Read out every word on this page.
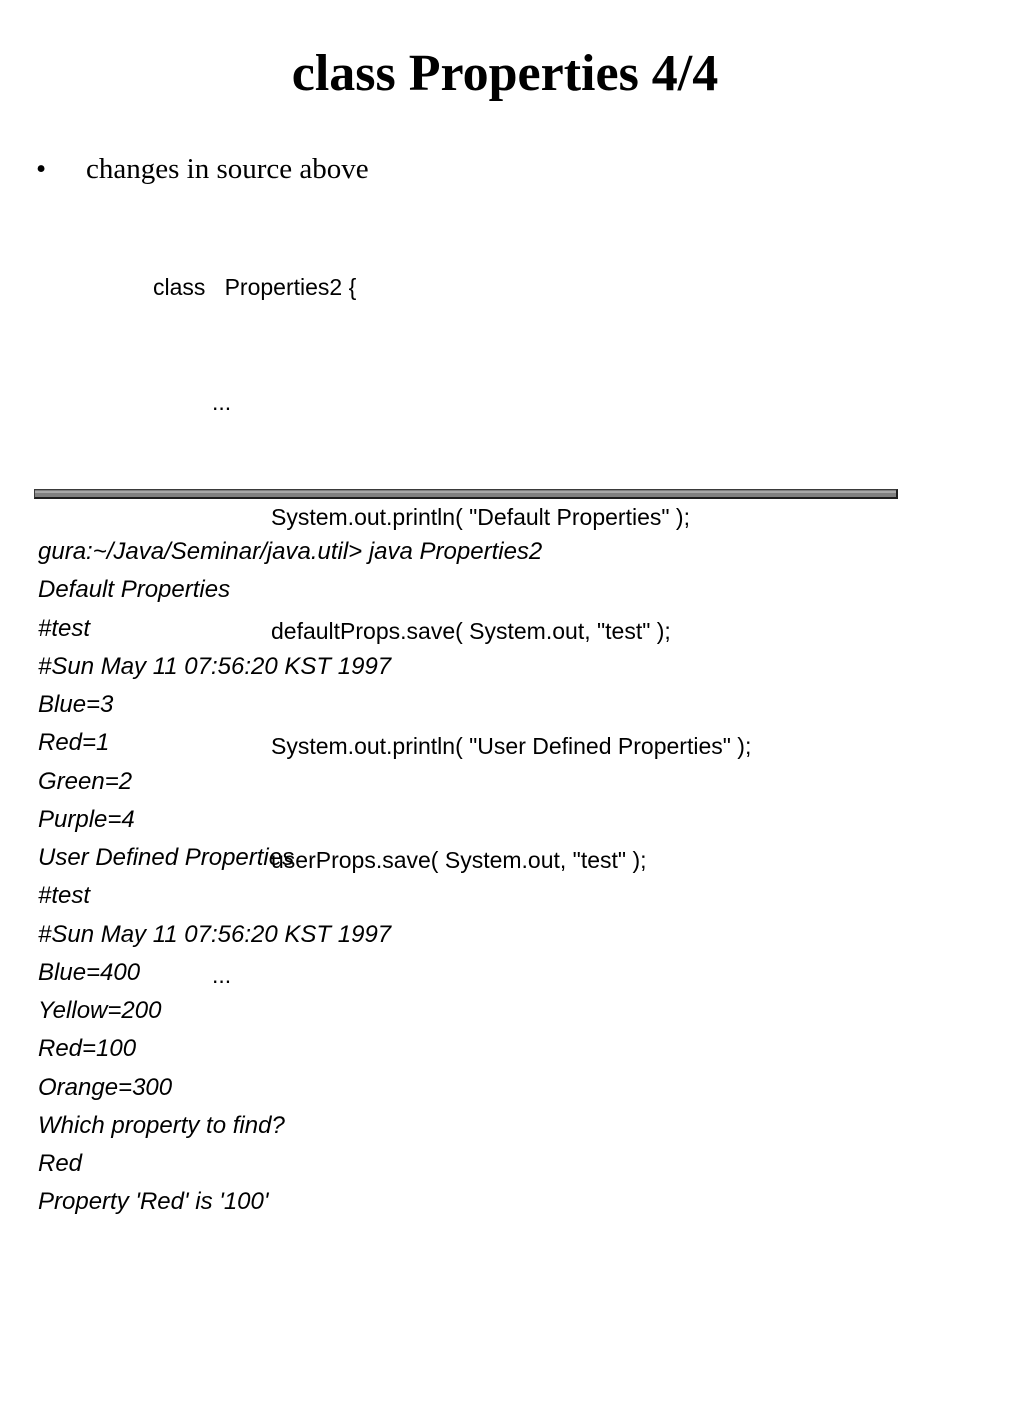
class Properties 4/4
• changes in source above

class   Properties2 {

...

System.out.println( "Default Properties" );

defaultProps.save( System.out, "test" );

System.out.println( "User Defined Properties" );

userProps.save( System.out, "test" );

...

gura:~/Java/Seminar/java.util> java Properties2
Default Properties
#test
#Sun May 11 07:56:20 KST 1997
Blue=3
Red=1
Green=2
Purple=4
User Defined Properties
#test
#Sun May 11 07:56:20 KST 1997
Blue=400
Yellow=200
Red=100
Orange=300
Which property to find?
Red
Property 'Red' is '100'
